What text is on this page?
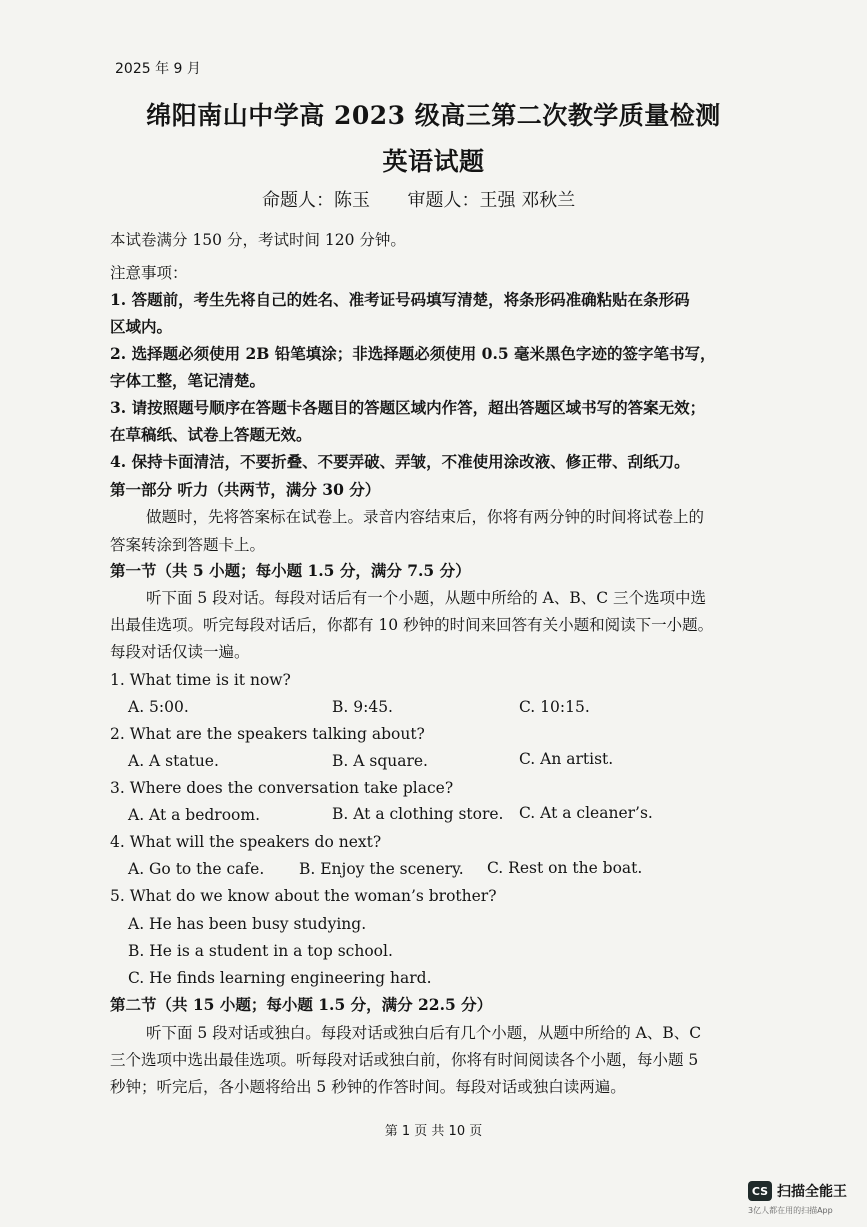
2025 年 9 月
绵阳南山中学高 2023 级高三第二次教学质量检测
英语试题
命题人：陈玉 审题人：王强 邓秋兰
本试卷满分 150 分，考试时间 120 分钟。
注意事项：
1. 答题前，考生先将自己的姓名、准考证号码填写清楚，将条形码准确粘贴在条形码
区域内。
2. 选择题必须使用 2B 铅笔填涂；非选择题必须使用 0.5 毫米黑色字迹的签字笔书写，
字体工整，笔记清楚。
3. 请按照题号顺序在答题卡各题目的答题区域内作答，超出答题区域书写的答案无效；
在草稿纸、试卷上答题无效。
4. 保持卡面清洁，不要折叠、不要弄破、弄皱，不准使用涂改液、修正带、刮纸刀。
第一部分 听力（共两节，满分 30 分）
做题时，先将答案标在试卷上。录音内容结束后，你将有两分钟的时间将试卷上的
答案转涂到答题卡上。
第一节（共 5 小题；每小题 1.5 分，满分 7.5 分）
听下面 5 段对话。每段对话后有一个小题，从题中所给的 A、B、C 三个选项中选
出最佳选项。听完每段对话后，你都有 10 秒钟的时间来回答有关小题和阅读下一小题。
每段对话仅读一遍。
1. What time is it now?
A. 5:00.	B. 9:45.	C. 10:15.
2. What are the speakers talking about?
A. A statue.	B. A square.	C. An artist.
3. Where does the conversation take place?
A. At a bedroom.	B. At a clothing store. C. At a cleaner’s.
4. What will the speakers do next?
A. Go to the cafe. B. Enjoy the scenery. C. Rest on the boat.
5. What do we know about the woman’s brother?
A. He has been busy studying.
B. He is a student in a top school.
C. He finds learning engineering hard.
第二节（共 15 小题；每小题 1.5 分，满分 22.5 分）
听下面 5 段对话或独白。每段对话或独白后有几个小题，从题中所给的 A、B、C
三个选项中选出最佳选项。听每段对话或独白前，你将有时间阅读各个小题，每小题 5
秒钟；听完后，各小题将给出 5 秒钟的作答时间。每段对话或独白读两遍。
第 1 页 共 10 页
CS 扫描全能王
3亿人都在用的扫描App
